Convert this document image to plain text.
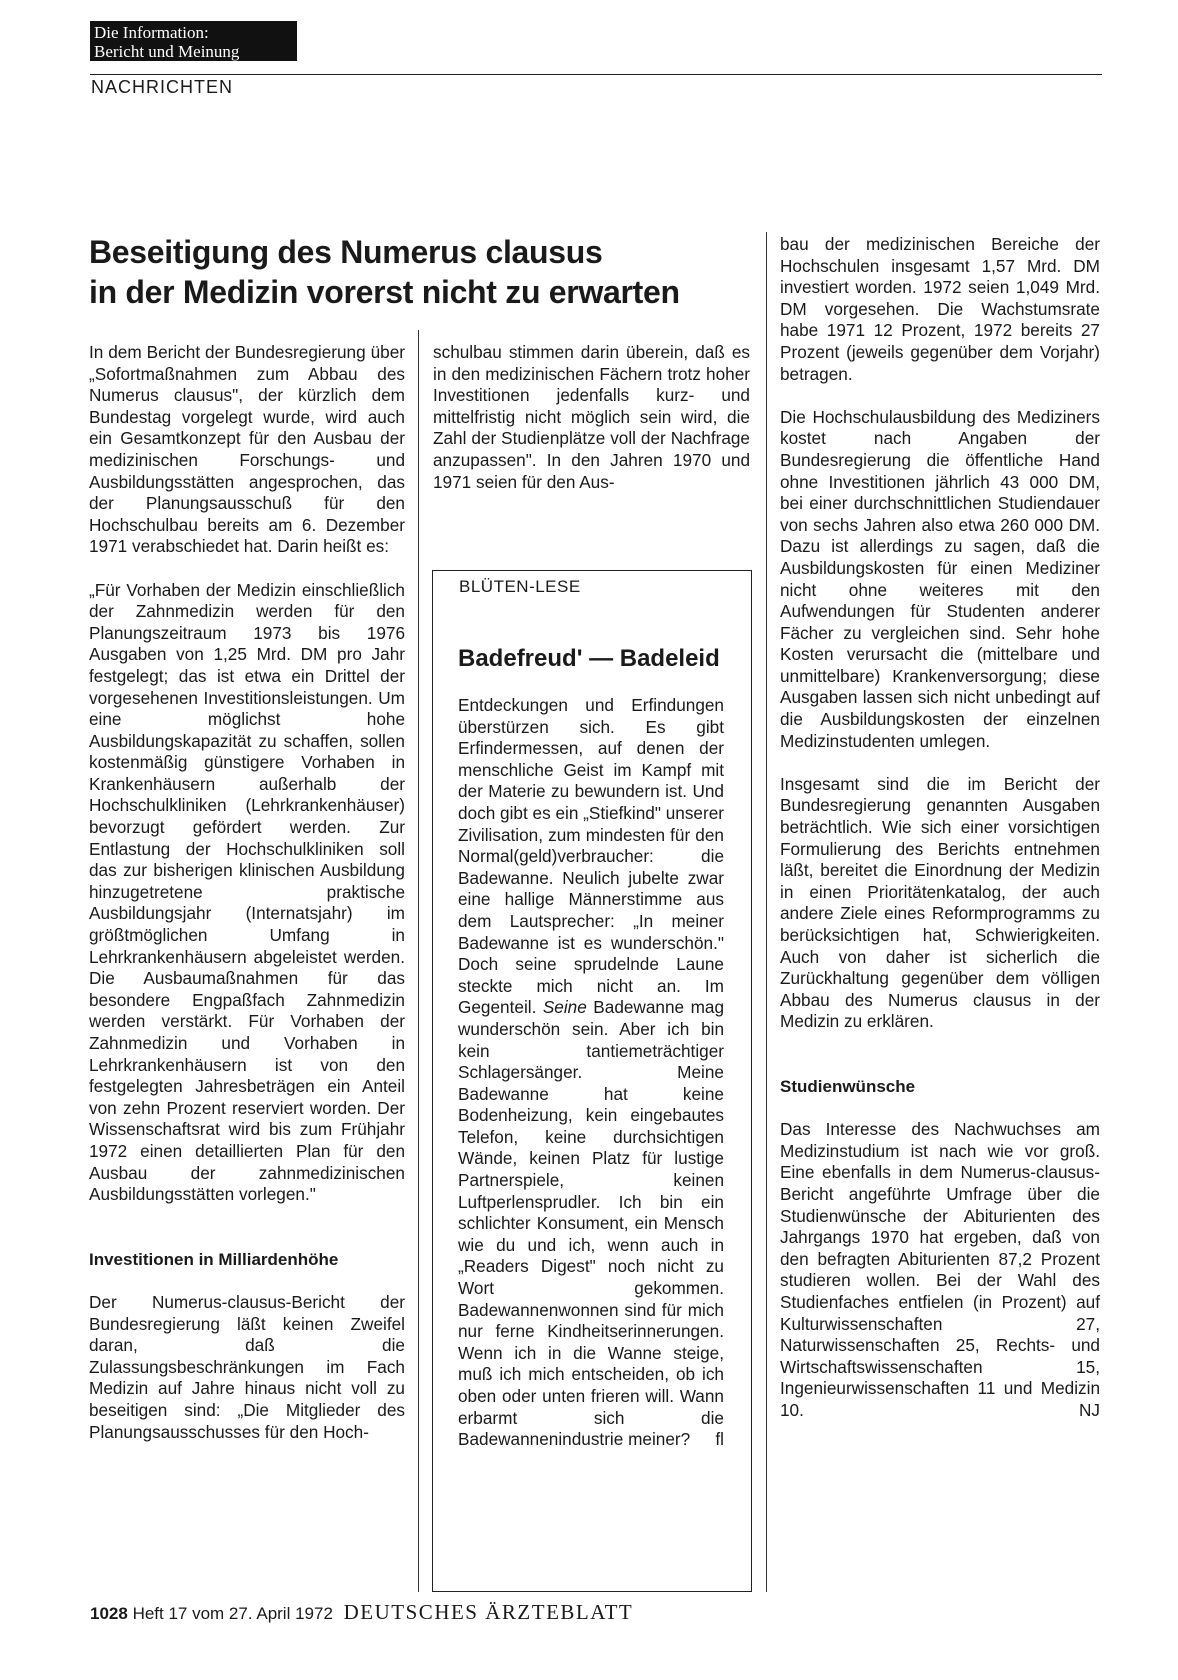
Die Information:
Bericht und Meinung
NACHRICHTEN
Beseitigung des Numerus clausus
in der Medizin vorerst nicht zu erwarten

In dem Bericht der Bundesregierung über „Sofortmaßnahmen zum Abbau des Numerus clausus", der kürzlich dem Bundestag vorgelegt wurde, wird auch ein Gesamtkonzept für den Ausbau der medizinischen Forschungs- und Ausbildungsstätten angesprochen, das der Planungsausschuß für den Hochschulbau bereits am 6. Dezember 1971 verabschiedet hat. Darin heißt es:

„Für Vorhaben der Medizin einschließlich der Zahnmedizin werden für den Planungszeitraum 1973 bis 1976 Ausgaben von 1,25 Mrd. DM pro Jahr festgelegt; das ist etwa ein Drittel der vorgesehenen Investitionsleistungen. Um eine möglichst hohe Ausbildungskapazität zu schaffen, sollen kostenmäßig günstigere Vorhaben in Krankenhäusern außerhalb der Hochschulkliniken (Lehrkrankenhäuser) bevorzugt gefördert werden. Zur Entlastung der Hochschulkliniken soll das zur bisherigen klinischen Ausbildung hinzugetretene praktische Ausbildungsjahr (Internatsjahr) im größtmöglichen Umfang in Lehrkrankenhäusern abgeleistet werden. Die Ausbaumaßnahmen für das besondere Engpaßfach Zahnmedizin werden verstärkt. Für Vorhaben der Zahnmedizin und Vorhaben in Lehrkrankenhäusern ist von den festgelegten Jahresbeträgen ein Anteil von zehn Prozent reserviert worden. Der Wissenschaftsrat wird bis zum Frühjahr 1972 einen detaillierten Plan für den Ausbau der zahnmedizinischen Ausbildungsstätten vorlegen."

Investitionen in Milliardenhöhe

Der Numerus-clausus-Bericht der Bundesregierung läßt keinen Zweifel daran, daß die Zulassungsbeschränkungen im Fach Medizin auf Jahre hinaus nicht voll zu beseitigen sind: „Die Mitglieder des Planungsausschusses für den Hoch-

schulbau stimmen darin überein, daß es in den medizinischen Fächern trotz hoher Investitionen jedenfalls kurz- und mittelfristig nicht möglich sein wird, die Zahl der Studienplätze voll der Nachfrage anzupassen". In den Jahren 1970 und 1971 seien für den Aus-

BLÜTEN-LESE
Badefreud' — Badeleid

Entdeckungen und Erfindungen überstürzen sich. Es gibt Erfindermessen, auf denen der menschliche Geist im Kampf mit der Materie zu bewundern ist. Und doch gibt es ein „Stiefkind" unserer Zivilisation, zum mindesten für den Normal(geld)verbraucher: die Badewanne. Neulich jubelte zwar eine hallige Männerstimme aus dem Lautsprecher: „In meiner Badewanne ist es wunderschön." Doch seine sprudelnde Laune steckte mich nicht an. Im Gegenteil. Seine Badewanne mag wunderschön sein. Aber ich bin kein tantiemeträchtiger Schlagersänger. Meine Badewanne hat keine Bodenheizung, kein eingebautes Telefon, keine durchsichtigen Wände, keinen Platz für lustige Partnerspiele, keinen Luftperlensprudler. Ich bin ein schlichter Konsument, ein Mensch wie du und ich, wenn auch in „Readers Digest" noch nicht zu Wort gekommen. Badewannenwonnen sind für mich nur ferne Kindheitserinnerungen. Wenn ich in die Wanne steige, muß ich mich entscheiden, ob ich oben oder unten frieren will. Wann erbarmt sich die Badewannenindustrie meiner? fl

bau der medizinischen Bereiche der Hochschulen insgesamt 1,57 Mrd. DM investiert worden. 1972 seien 1,049 Mrd. DM vorgesehen. Die Wachstumsrate habe 1971 12 Prozent, 1972 bereits 27 Prozent (jeweils gegenüber dem Vorjahr) betragen.

Die Hochschulausbildung des Mediziners kostet nach Angaben der Bundesregierung die öffentliche Hand ohne Investitionen jährlich 43 000 DM, bei einer durchschnittlichen Studiendauer von sechs Jahren also etwa 260 000 DM. Dazu ist allerdings zu sagen, daß die Ausbildungskosten für einen Mediziner nicht ohne weiteres mit den Aufwendungen für Studenten anderer Fächer zu vergleichen sind. Sehr hohe Kosten verursacht die (mittelbare und unmittelbare) Krankenversorgung; diese Ausgaben lassen sich nicht unbedingt auf die Ausbildungskosten der einzelnen Medizinstudenten umlegen.

Insgesamt sind die im Bericht der Bundesregierung genannten Ausgaben beträchtlich. Wie sich einer vorsichtigen Formulierung des Berichts entnehmen läßt, bereitet die Einordnung der Medizin in einen Prioritätenkatalog, der auch andere Ziele eines Reformprogramms zu berücksichtigen hat, Schwierigkeiten. Auch von daher ist sicherlich die Zurückhaltung gegenüber dem völligen Abbau des Numerus clausus in der Medizin zu erklären.

Studienwünsche

Das Interesse des Nachwuchses am Medizinstudium ist nach wie vor groß. Eine ebenfalls in dem Numerus-clausus-Bericht angeführte Umfrage über die Studienwünsche der Abiturienten des Jahrgangs 1970 hat ergeben, daß von den befragten Abiturienten 87,2 Prozent studieren wollen. Bei der Wahl des Studienfaches entfielen (in Prozent) auf Kulturwissenschaften 27, Naturwissenschaften 25, Rechts- und Wirtschaftswissenschaften 15, Ingenieurwissenschaften 11 und Medizin 10.	NJ

1028 Heft 17 vom 27. April 1972 DEUTSCHES ÄRZTEBLATT
